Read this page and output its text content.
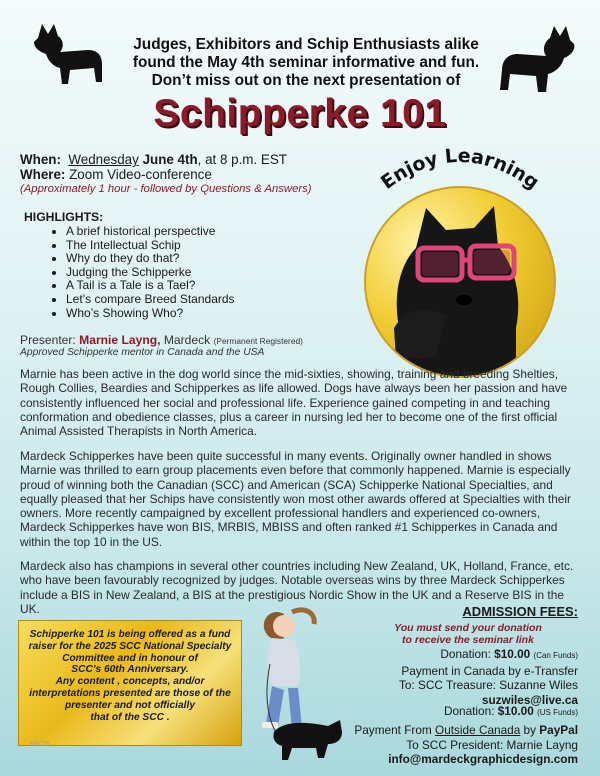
Judges, Exhibitors and Schip Enthusiasts alike
found the May 4th seminar informative and fun.
Don’t miss out on the next presentation of
Schipperke 101
When: Wednesday June 4th, at 8 p.m. EST
Where: Zoom Video-conference
(Approximately 1 hour - followed by Questions & Answers)	Enjoy Learning
HIGHLIGHTS:
• A brief historical perspective
• The Intellectual Schip
• Why do they do that?
• Judging the Schipperke
• A Tail is a Tale is a Tael?
• Let’s compare Breed Standards
• Who’s Showing Who?
Presenter: Marnie Layng, Mardeck (Permanent Registered)
Approved Schipperke mentor in Canada and the USA
Marnie has been active in the dog world since the mid-sixties, showing, training and breeding Shelties, Rough Collies, Beardies and Schipperkes as life allowed. Dogs have always been her passion and have consistently influenced her social and professional life. Experience gained competing in and teaching conformation and obedience classes, plus a career in nursing led her to become one of the first official Animal Assisted Therapists in North America.
Mardeck Schipperkes have been quite successful in many events. Originally owner handled in shows Marnie was thrilled to earn group placements even before that commonly happened. Marnie is especially proud of winning both the Canadian (SCC) and American (SCA) Schipperke National Specialties, and equally pleased that her Schips have consistently won most other awards offered at Specialties with their owners. More recently campaigned by excellent professional handlers and experienced co-owners, Mardeck Schipperkes have won BIS, MRBIS, MBISS and often ranked #1 Schipperkes in Canada and within the top 10 in the US.
Mardeck also has champions in several other countries including New Zealand, UK, Holland, France, etc. who have been favourably recognized by judges. Notable overseas wins by three Mardeck Schipperkes include a BIS in New Zealand, a BIS at the prestigious Nordic Show in the UK and a Reserve BIS in the UK.
Schipperke 101 is being offered as a fund
raiser for the 2025 SCC National Specialty
Committee and in honour of
SCC’s 60th Anniversary.
Any content , concepts, and/or
interpretations presented are those of the
presenter and not officially
that of the SCC .
MSC25
ADMISSION FEES:
You must send your donation
to receive the seminar link
Donation: $10.00 (Can Funds)
Payment in Canada by e-Transfer
To: SCC Treasure: Suzanne Wiles
suzwiles@live.ca
Donation: $10.00 (US Funds)
Payment From Outside Canada by PayPal
To SCC President: Marnie Layng
info@mardeckgraphicdesign.com
